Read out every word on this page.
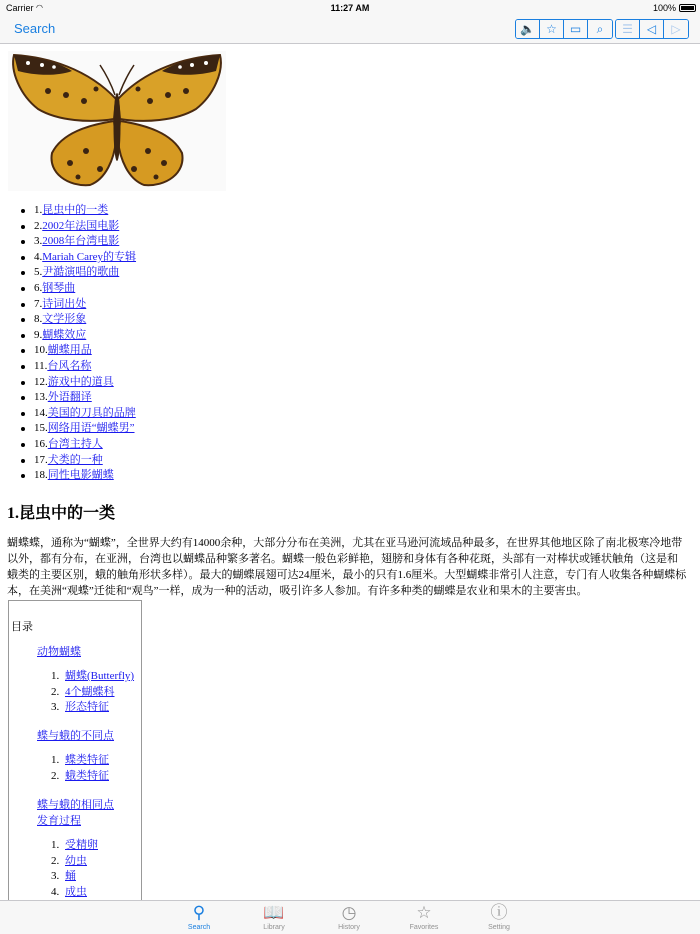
Carrier ◠	11:27 AM	100%
Search	🔈 ☆ ▭ ⌕ ☰ ◁ ▷
1.昆虫中的一类
2.2002年法国电影
3.2008年台湾电影
4.Mariah Carey的专辑
5.尹澔演唱的歌曲
6.钢琴曲
7.诗词出处
8.文学形象
9.蝴蝶效应
10.蝴蝶用品
11.台风名称
12.游戏中的道具
13.外语翻译
14.美国的刀具的品牌
15.网络用语“蝴蝶男”
16.台湾主持人
17.犬类的一种
18.同性电影蝴蝶
1.昆虫中的一类
蝴蝶蝶，通称为“蝴蝶”，全世界大约有14000余种，大部分分布在美洲，尤其在亚马逊河流域品种最多，在世界其他地区除了南北极寒冷地带以外，都有分布，在亚洲，台湾也以蝴蝶品种繁多著名。蝴蝶一般色彩鲜艳，翅膀和身体有各种花斑，头部有一对棒状或锤状触角（这是和蛾类的主要区别，蛾的触角形状多样）。最大的蝴蝶展翅可达24厘米，最小的只有1.6厘米。大型蝴蝶非常引人注意，专门有人收集各种蝴蝶标本，在美洲“观蝶”迁徙和“观鸟”一样，成为一种的活动，吸引许多人参加。有许多种类的蝴蝶是农业和果木的主要害虫。
目录
动物蝴蝶
1. 蝴蝶(Butterfly)
2. 4个蝴蝶科
3. 形态特征
蝶与蛾的不同点
1. 蝶类特征
2. 蛾类特征
蝶与蛾的相同点
发育过程
1. 受精卵
2. 幼虫
3. 蛹
4. 成虫
⚲
Search
📖
Library
◷
History
☆
Favorites
ⓘ
Setting
